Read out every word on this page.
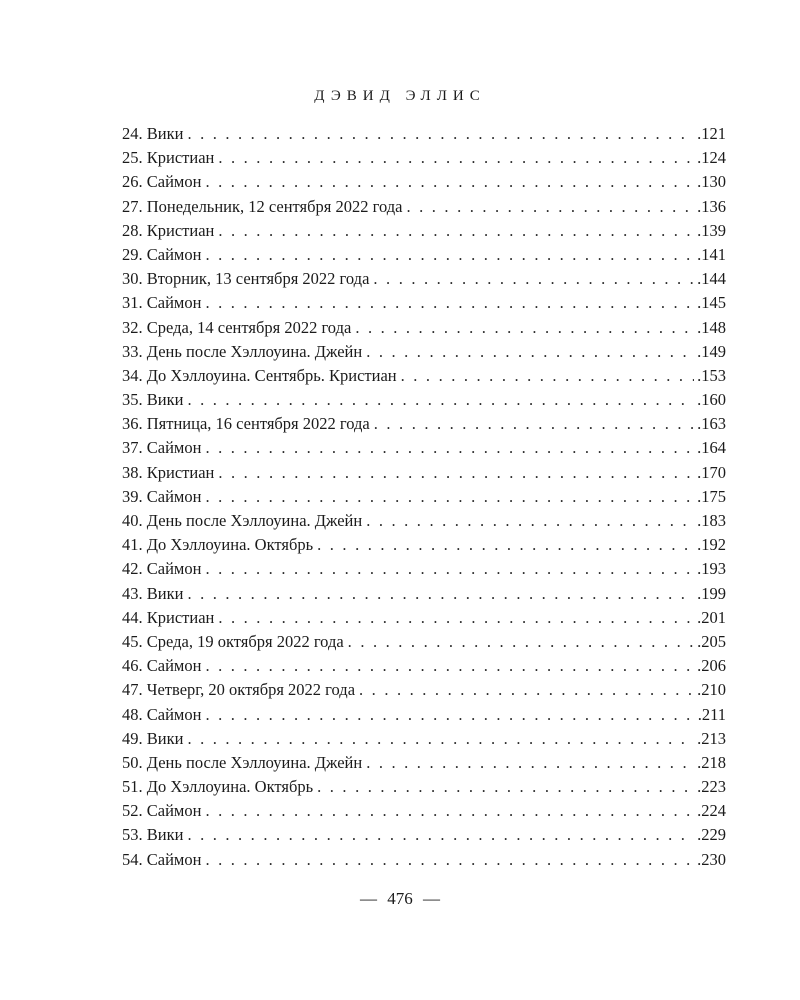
ДЭВИД ЭЛЛИС
24. Вики . . .	.121
25. Кристиан . . .	.124
26. Саймон . . .	.130
27. Понедельник, 12 сентября 2022 года . . .	.136
28. Кристиан . . .	.139
29. Саймон . . .	.141
30. Вторник, 13 сентября 2022 года . . .	.144
31. Саймон . . .	.145
32. Среда, 14 сентября 2022 года . . .	.148
33. День после Хэллоуина. Джейн . . .	.149
34. До Хэллоуина. Сентябрь. Кристиан . . .	.153
35. Вики . . .	.160
36. Пятница, 16 сентября 2022 года . . .	.163
37. Саймон . . .	.164
38. Кристиан . . .	.170
39. Саймон . . .	.175
40. День после Хэллоуина. Джейн . . .	.183
41. До Хэллоуина. Октябрь . . .	.192
42. Саймон . . .	.193
43. Вики . . .	.199
44. Кристиан . . .	.201
45. Среда, 19 октября 2022 года . . .	.205
46. Саймон . . .	.206
47. Четверг, 20 октября 2022 года . . .	.210
48. Саймон . . .	.211
49. Вики . . .	.213
50. День после Хэллоуина. Джейн . . .	.218
51. До Хэллоуина. Октябрь . . .	.223
52. Саймон . . .	.224
53. Вики . . .	.229
54. Саймон . . .	.230
— 476 —
